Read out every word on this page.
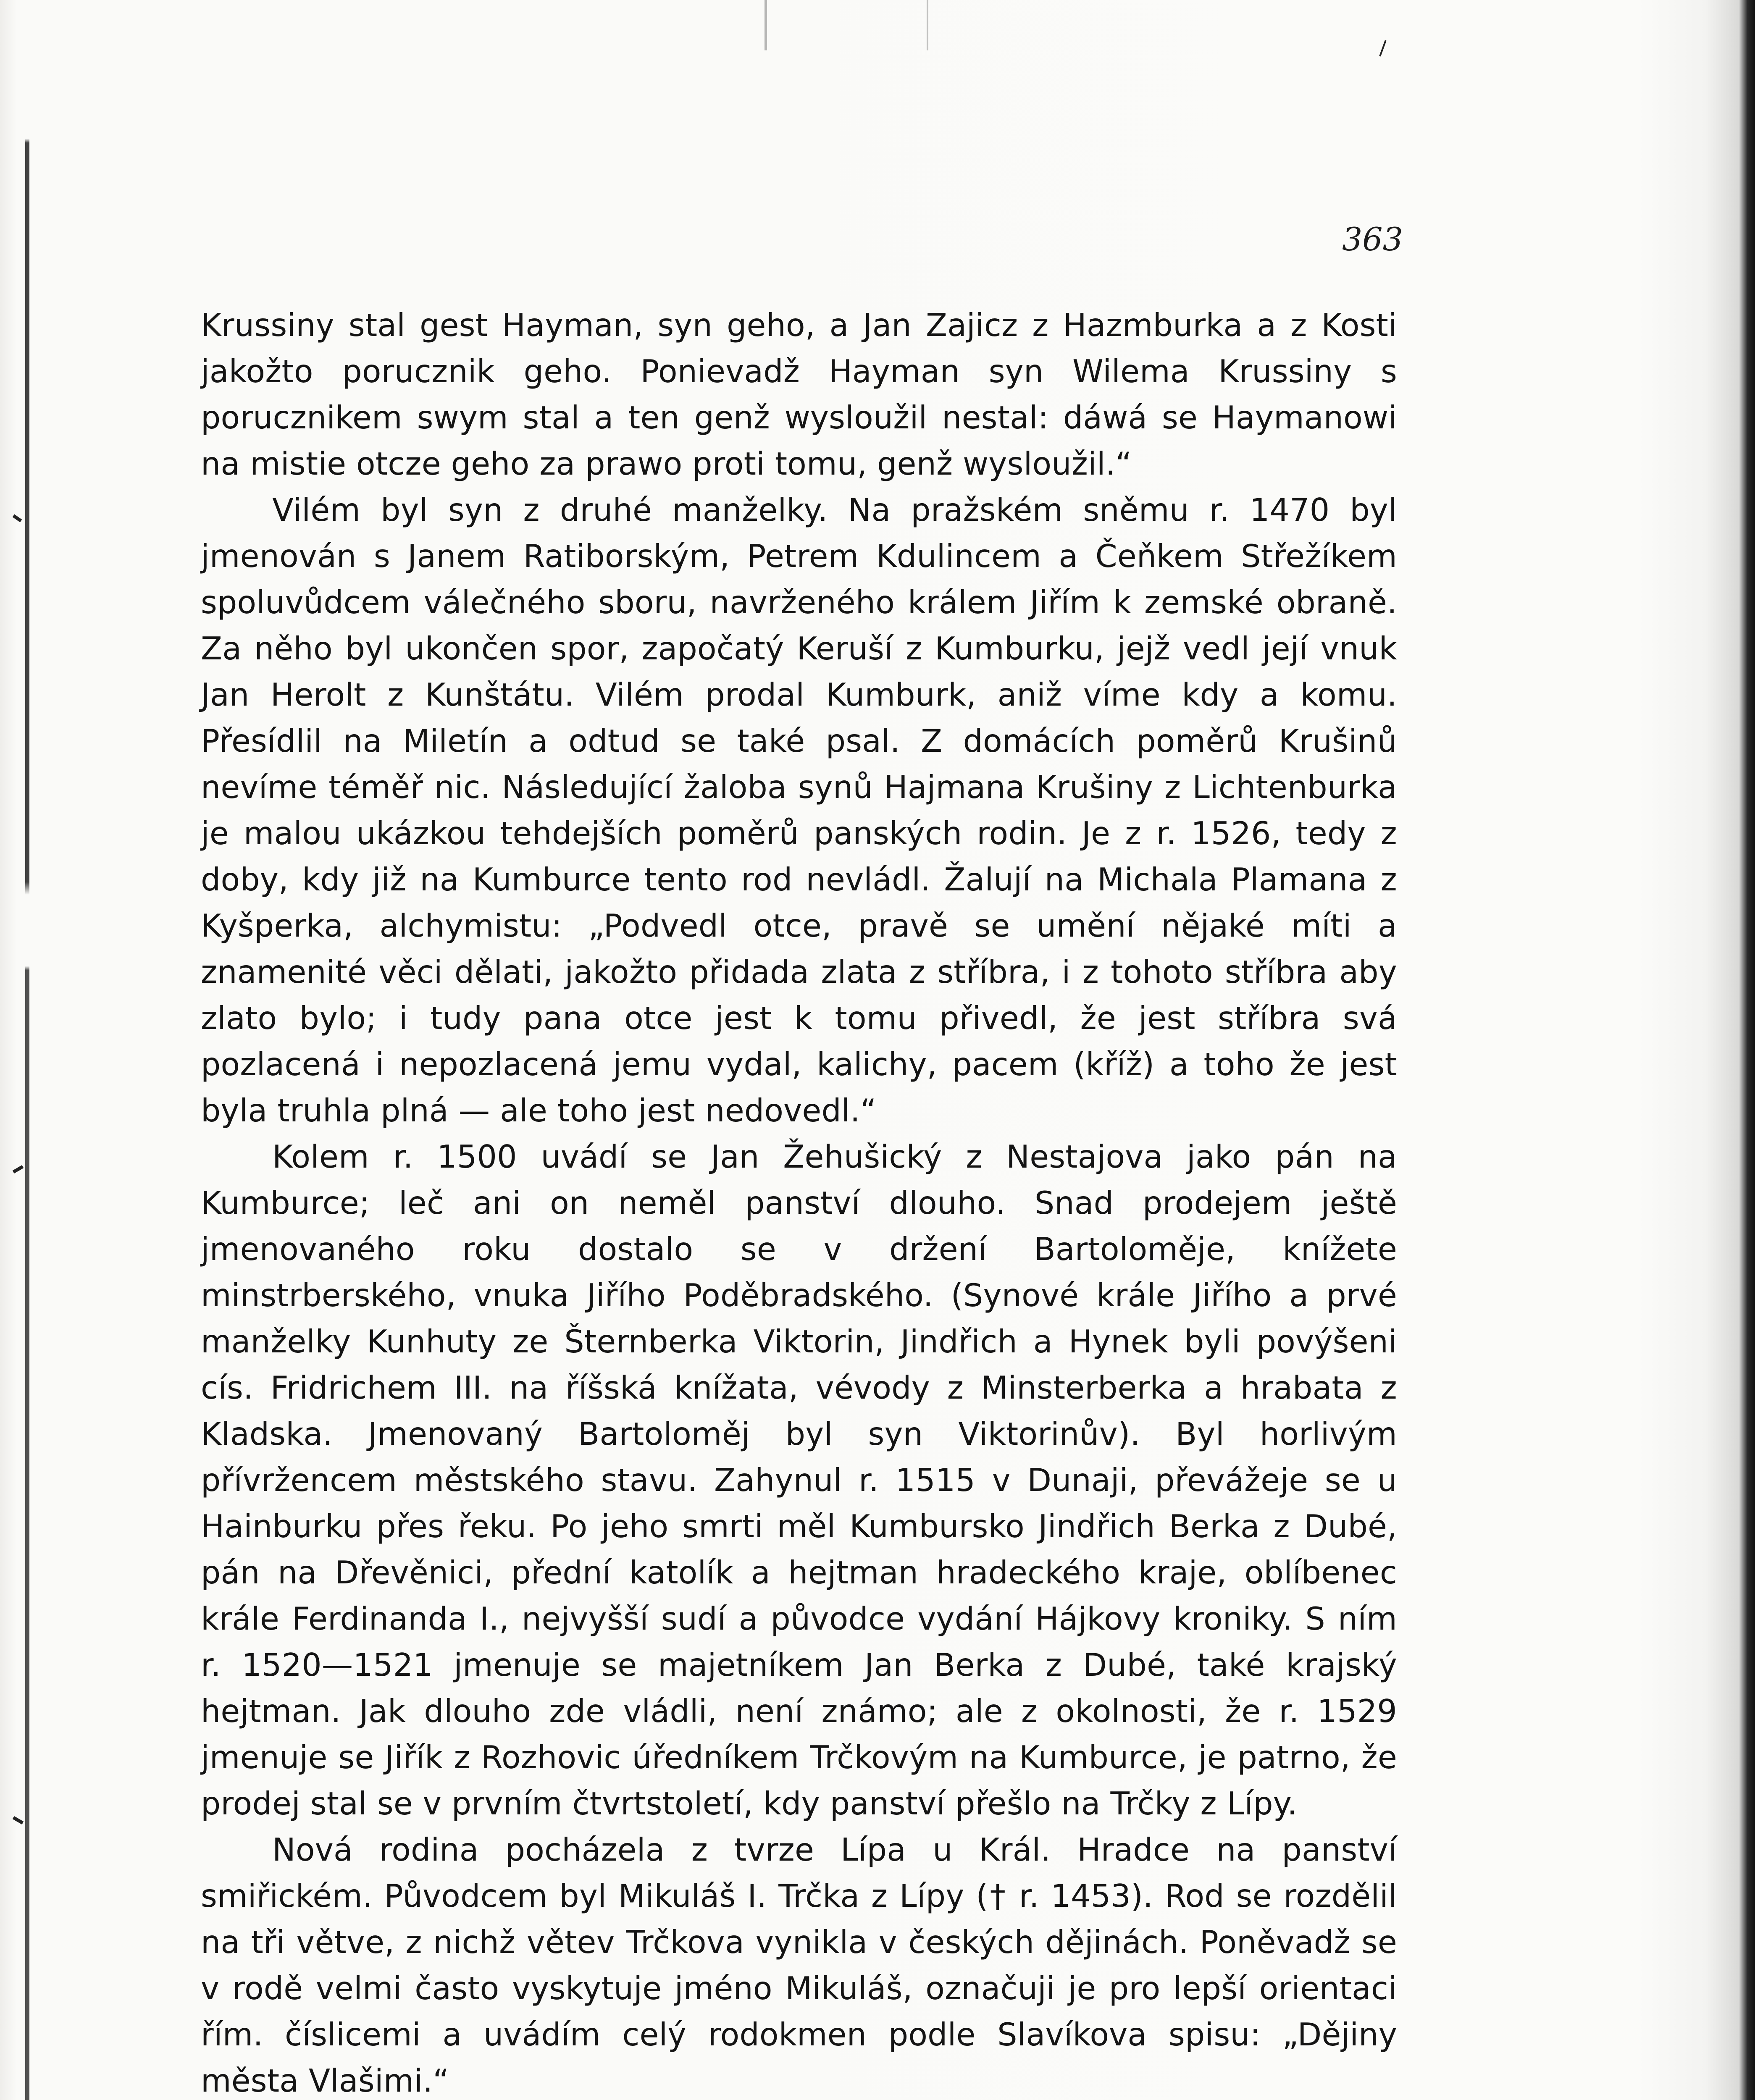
363

Krussiny stal gest Hayman, syn geho, a Jan Zajicz z Hazmburka a z Kosti jakožto porucznik geho. Ponievadž Hayman syn Wilema Krussiny s porucznikem swym stal a ten genž wysloužil nestal: dáwá se Haymanowi na mistie otcze geho za prawo proti tomu, genž wysloužil.“

Vilém byl syn z druhé manželky. Na pražském sněmu r. 1470 byl jmenován s Janem Ratiborským, Petrem Kdulincem a Čeňkem Střežíkem spoluvůdcem válečného sboru, navrženého králem Jiřím k zemské obraně. Za něho byl ukončen spor, započatý Keruší z Kumburku, jejž vedl její vnuk Jan Herolt z Kunštátu. Vilém prodal Kumburk, aniž víme kdy a komu. Přesídlil na Miletín a odtud se také psal. Z domácích poměrů Krušinů nevíme téměř nic. Následující žaloba synů Hajmana Krušiny z Lichtenburka je malou ukázkou tehdejších poměrů panských rodin. Je z r. 1526, tedy z doby, kdy již na Kumburce tento rod nevládl. Žalují na Michala Plamana z Kyšperka, alchymistu: „Podvedl otce, pravě se umění nějaké míti a znamenité věci dělati, jakožto přidada zlata z stříbra, i z tohoto stříbra aby zlato bylo; i tudy pana otce jest k tomu přivedl, že jest stříbra svá pozlacená i nepozlacená jemu vydal, kalichy, pacem (kříž) a toho že jest byla truhla plná — ale toho jest nedovedl.“

Kolem r. 1500 uvádí se Jan Žehušický z Nestajova jako pán na Kumburce; leč ani on neměl panství dlouho. Snad prodejem ještě jmenovaného roku dostalo se v držení Bartoloměje, knížete minstrberského, vnuka Jiřího Poděbradského. (Synové krále Jiřího a prvé manželky Kunhuty ze Šternberka Viktorin, Jindřich a Hynek byli povýšeni cís. Fridrichem III. na říšská knížata, vévody z Minsterberka a hrabata z Kladska. Jmenovaný Bartoloměj byl syn Viktorinův). Byl horlivým přívržencem městského stavu. Zahynul r. 1515 v Dunaji, převážeje se u Hainburku přes řeku. Po jeho smrti měl Kumbursko Jindřich Berka z Dubé, pán na Dřevěnici, přední katolík a hejtman hradeckého kraje, oblíbenec krále Ferdinanda I., nejvyšší sudí a původce vydání Hájkovy kroniky. S ním r. 1520—1521 jmenuje se majetníkem Jan Berka z Dubé, také krajský hejtman. Jak dlouho zde vládli, není známo; ale z okolnosti, že r. 1529 jmenuje se Jiřík z Rozhovic úředníkem Trčkovým na Kumburce, je patrno, že prodej stal se v prvním čtvrtstoletí, kdy panství přešlo na Trčky z Lípy.

Nová rodina pocházela z tvrze Lípa u Král. Hradce na panství smiřickém. Původcem byl Mikuláš I. Trčka z Lípy († r. 1453). Rod se rozdělil na tři větve, z nichž větev Trčkova vynikla v českých dějinách. Poněvadž se v rodě velmi často vyskytuje jméno Mikuláš, označuji je pro lepší orientaci řím. číslicemi a uvádím celý rodokmen podle Slavíkova spisu: „Dějiny města Vlašimi.“
